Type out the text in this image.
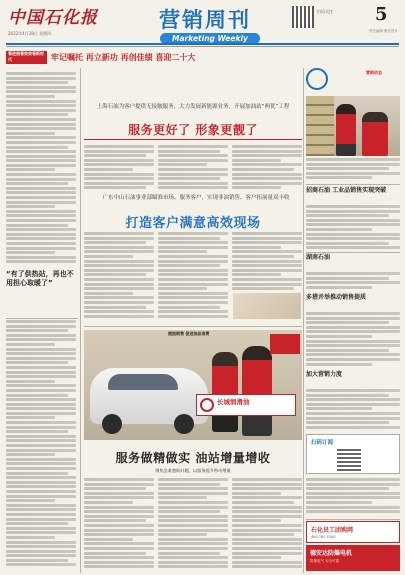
中国石化报
2022年4月28日 星期四
营销周刊
Marketing Weekly
扫码关注 5
责任编辑 版式设计
看进展看效果看新时代	牢记嘱托 再立新功 再创佳绩 喜迎二十大
“有了供热站，再也不用担心取暖了”
上海石油为客户提供无接触服务，大力发展新能源业务，开展加油站“两优”工程
服务更好了 形象更靓了
广东中山石油事业部瞄准市场、服务客户，实现非油销售、客户拓展量双丰收
打造客户满意高效现场
提振销售 促进油品消费
长城润滑油
服务做精做实 油站增量增收
聚焦急难愁盼问题，以服务提升带动增量
营销动态
招商石油 工业品销售实现突破
湖南石油
多措并举推动销售提质
加大营销力度
扫码订阅
石化员工团购网
400 700 5100
德安达防爆电机
防爆电气 安全可靠
